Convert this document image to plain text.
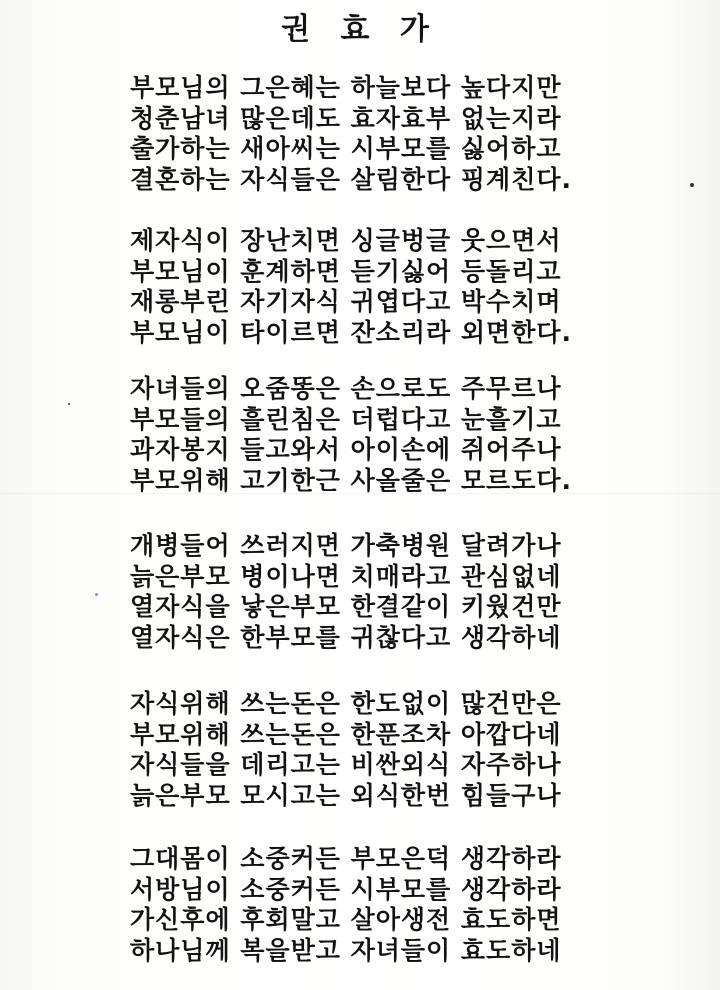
권 효 가
부모님의 그은혜는 하늘보다 높다지만
청춘남녀 많은데도 효자효부 없는지라
출가하는 새아씨는 시부모를 싫어하고
결혼하는 자식들은 살림한다 핑계친다.
제자식이 장난치면 싱글벙글 웃으면서
부모님이 훈계하면 듣기싫어 등돌리고
재롱부린 자기자식 귀엽다고 박수치며
부모님이 타이르면 잔소리라 외면한다.
자녀들의 오줌똥은 손으로도 주무르나
부모들의 흘린침은 더럽다고 눈흘기고
과자봉지 들고와서 아이손에 쥐어주나
부모위해 고기한근 사올줄은 모르도다.
개병들어 쓰러지면 가축병원 달려가나
늙은부모 병이나면 치매라고 관심없네
열자식을 낳은부모 한결같이 키웠건만
열자식은 한부모를 귀찮다고 생각하네
자식위해 쓰는돈은 한도없이 많건만은
부모위해 쓰는돈은 한푼조차 아깝다네
자식들을 데리고는 비싼외식 자주하나
늙은부모 모시고는 외식한번 힘들구나
그대몸이 소중커든 부모은덕 생각하라
서방님이 소중커든 시부모를 생각하라
가신후에 후회말고 살아생전 효도하면
하나님께 복을받고 자녀들이 효도하네
